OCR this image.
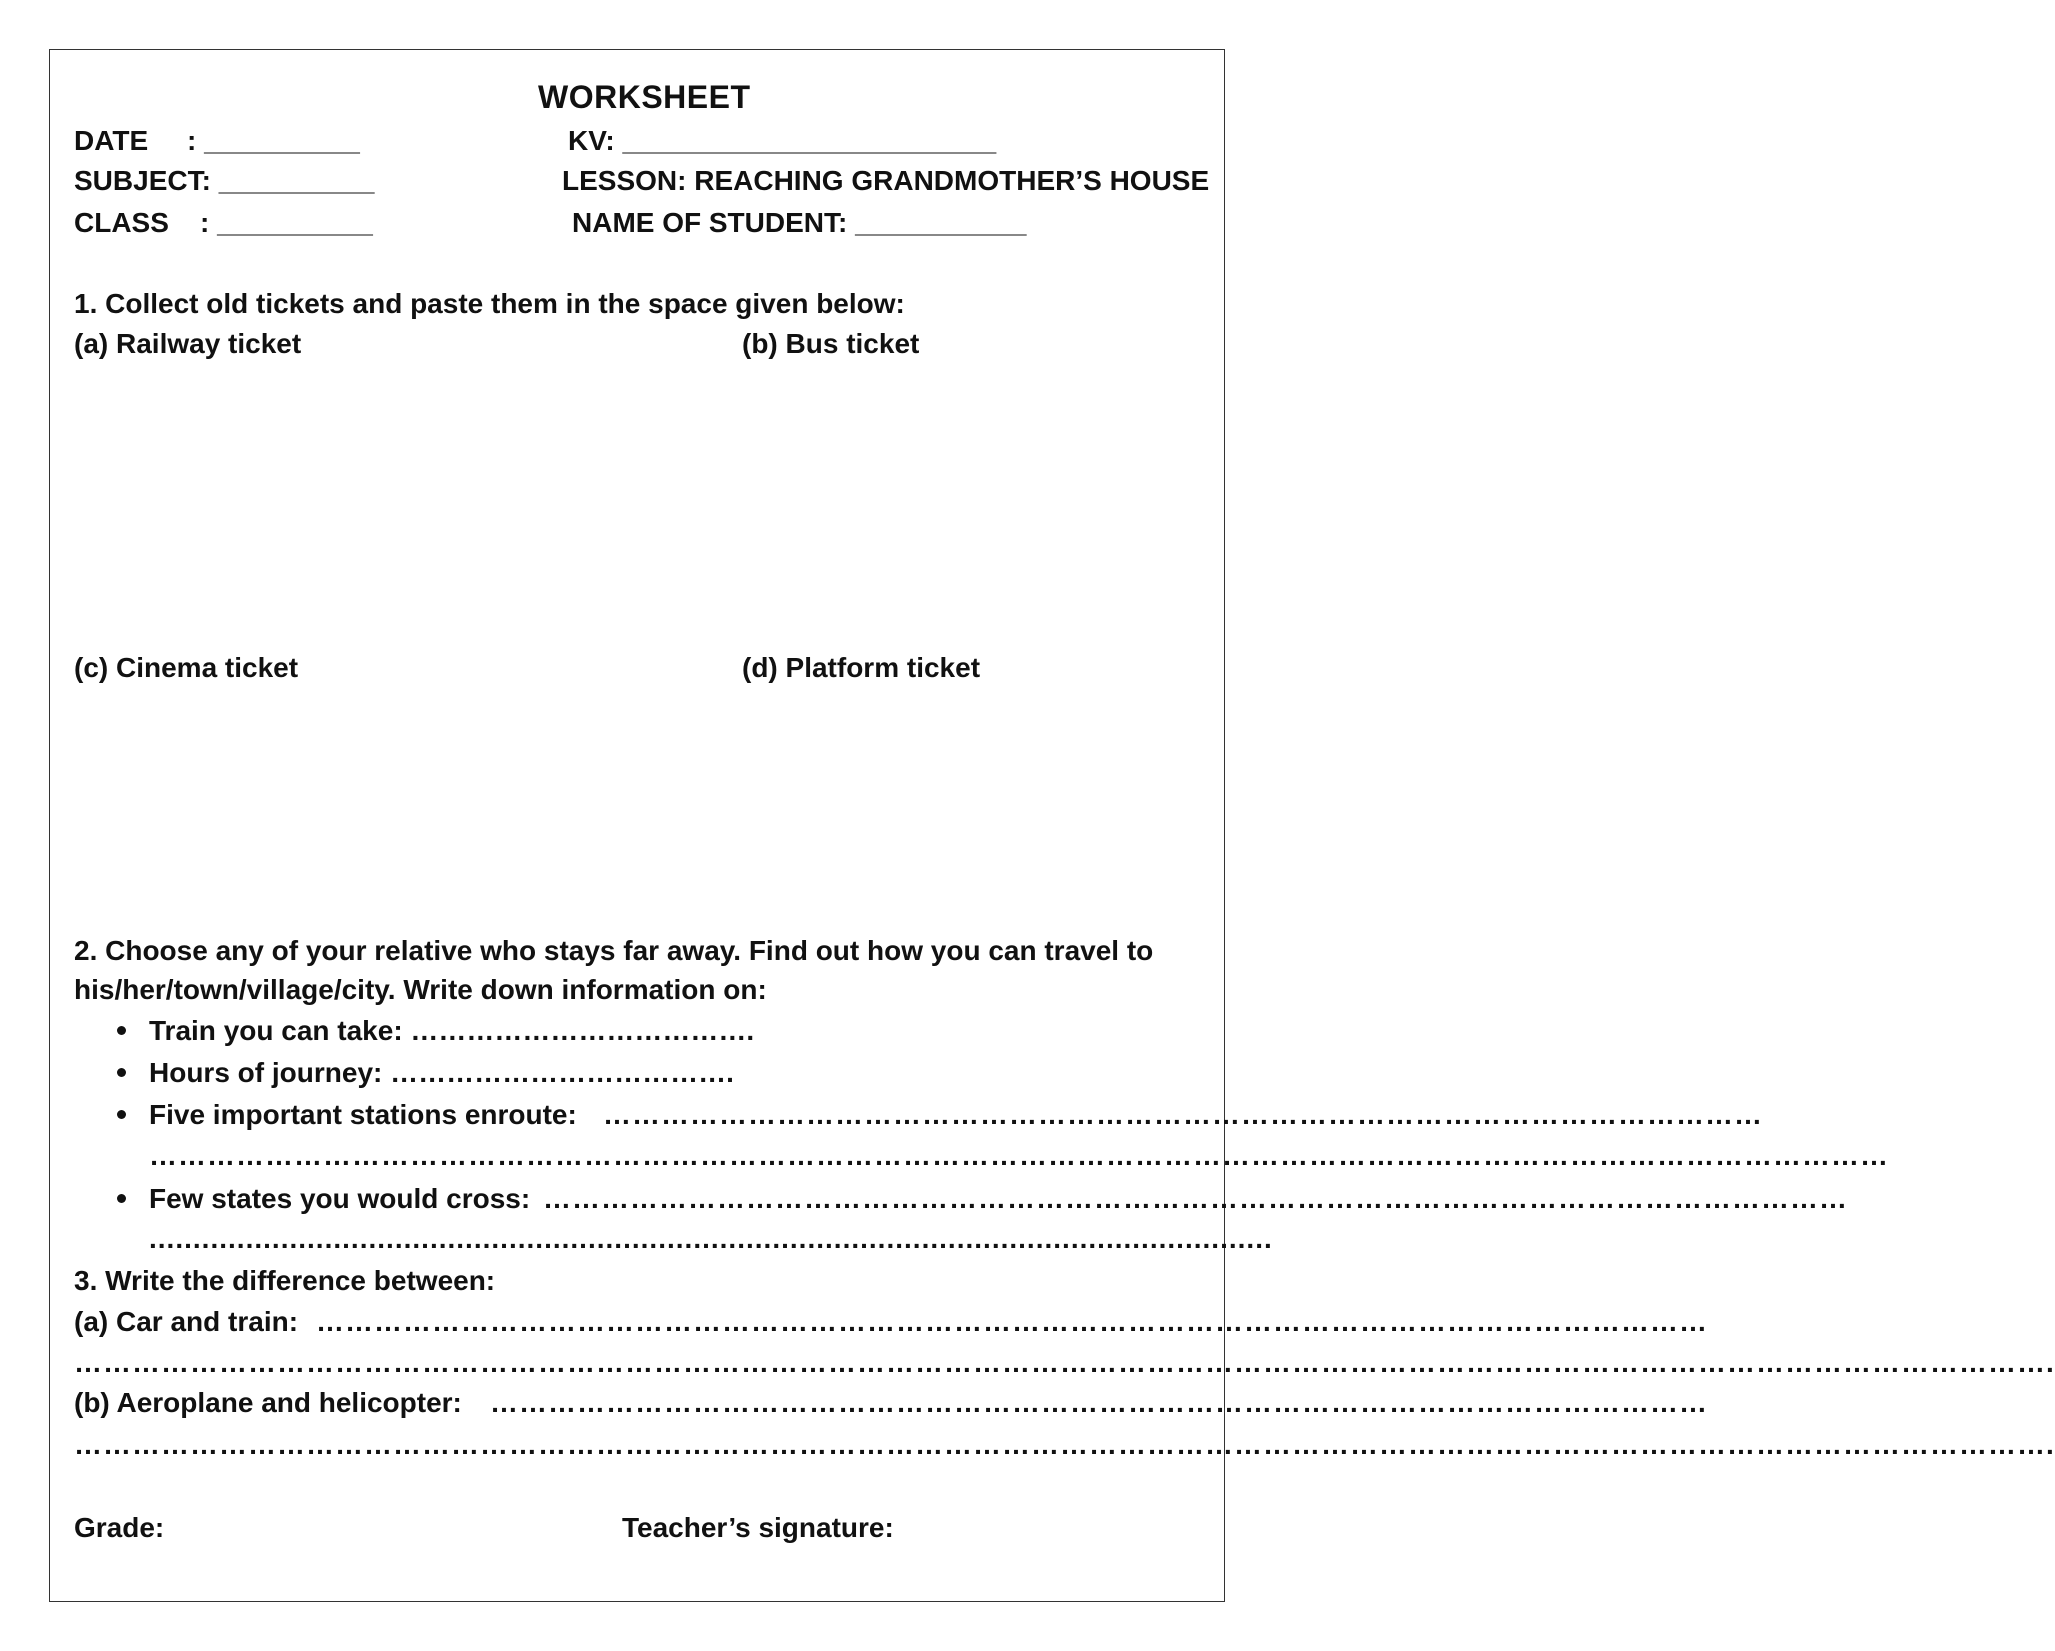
WORKSHEET
DATE     : __________	KV: ________________________
SUBJECT: __________	LESSON: REACHING GRANDMOTHER’S HOUSE
CLASS    : __________	NAME OF STUDENT: ___________
1. Collect old tickets and paste them in the space given below:
(a) Railway ticket	(b) Bus ticket
(c) Cinema ticket	(d) Platform ticket
2. Choose any of your relative who stays far away. Find out how you can travel to
his/her/town/village/city. Write down information on:
Train you can take: ……………………………….
Hours of journey: ……………………………….
Five important stations enroute: …………………………………………………………………………………………………………
………………………………………………………………………………………………………………………………………………………………
Few states you would cross: ………………………………………………………………………………………………………………………
................................................................................................................................
3. Write the difference between:
(a) Car and train: ………………………………………………………………………………………………………………………………
…………………………………………………………………………………………………………………………………………………………………………………….
(b) Aeroplane and helicopter: ………………………………………………………………………………………………………………
…………………………………………………………………………………………………………………………………………………………………………………….
Grade:	Teacher’s signature:
